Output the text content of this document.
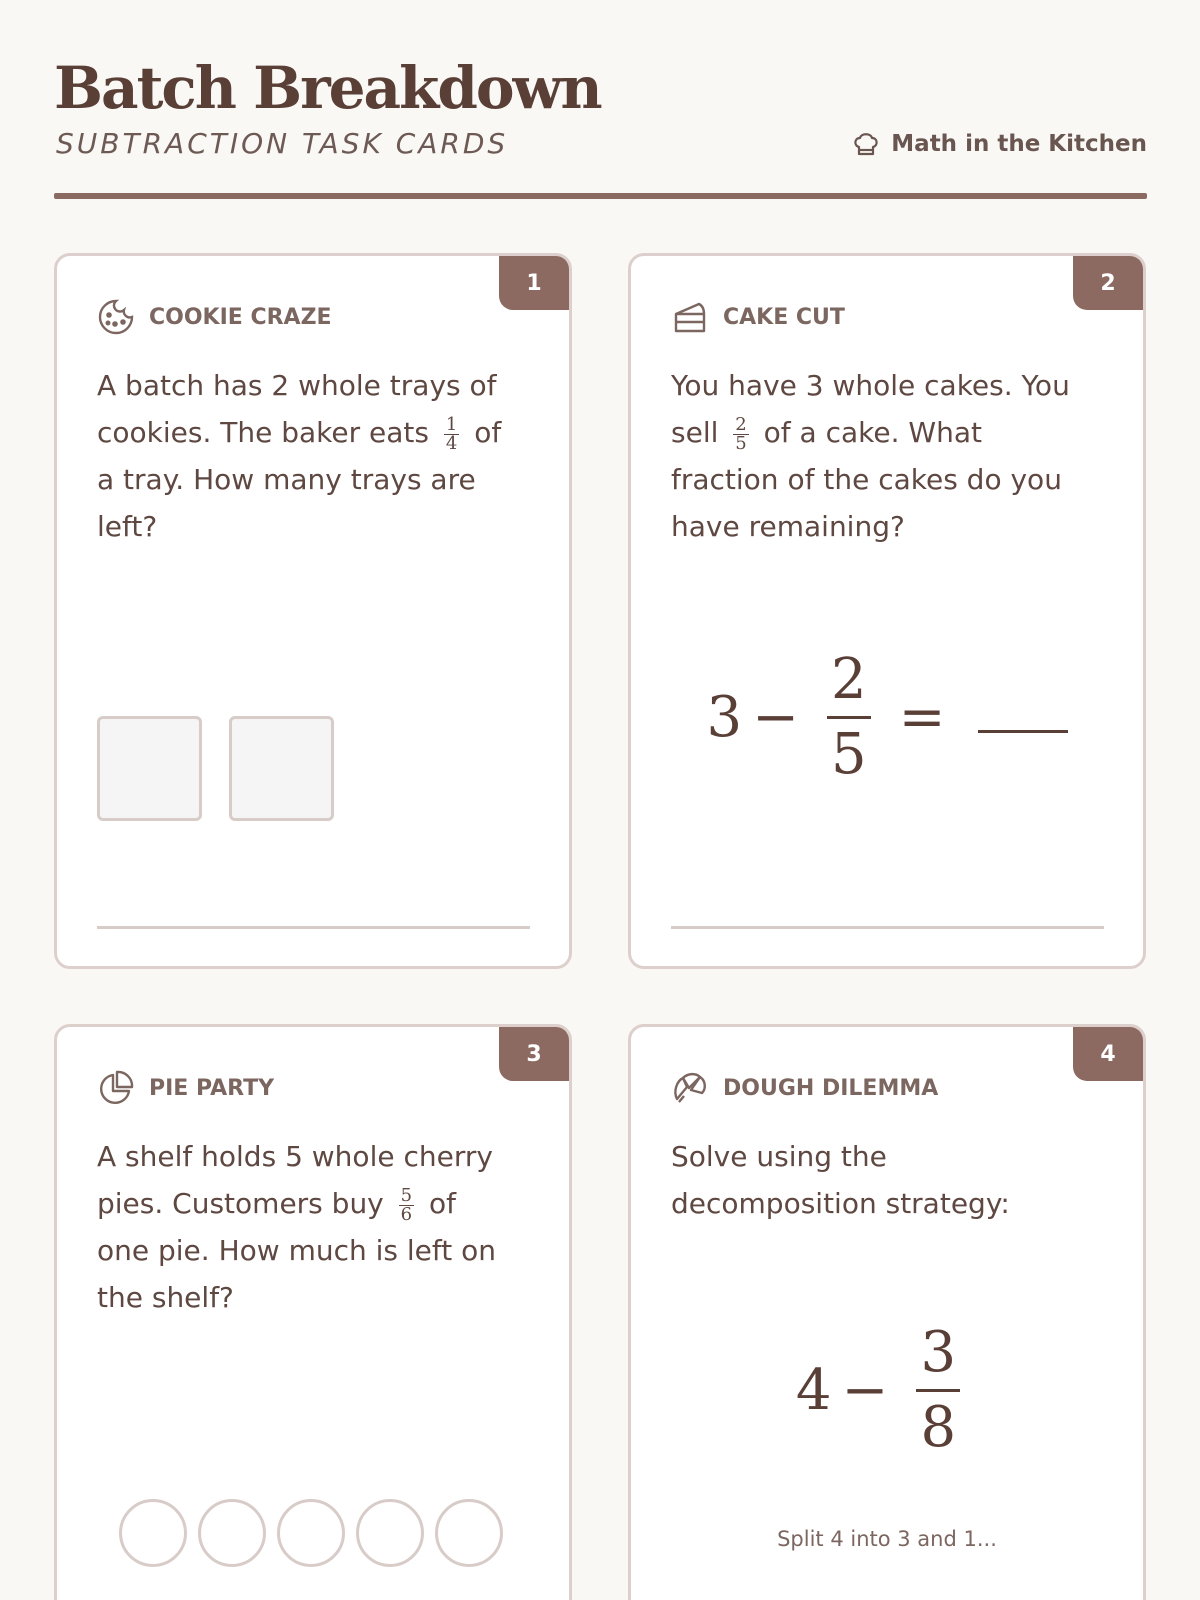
Batch Breakdown
SUBTRACTION TASK CARDS	Math in the Kitchen
1
COOKIE CRAZE
A batch has 2 whole trays of cookies. The baker eats $\frac{1}{4}$ of a tray. How many trays are left?
2
CAKE CUT
You have 3 whole cakes. You sell $\frac{2}{5}$ of a cake. What fraction of the cakes do you have remaining?
$3 - \frac{2}{5}$ =
3
PIE PARTY
A shelf holds 5 whole cherry pies. Customers buy $\frac{5}{6}$ of one pie. How much is left on the shelf?
4
DOUGH DILEMMA
Solve using the decomposition strategy:
$4 - \frac{3}{8}$
Split 4 into 3 and 1...
